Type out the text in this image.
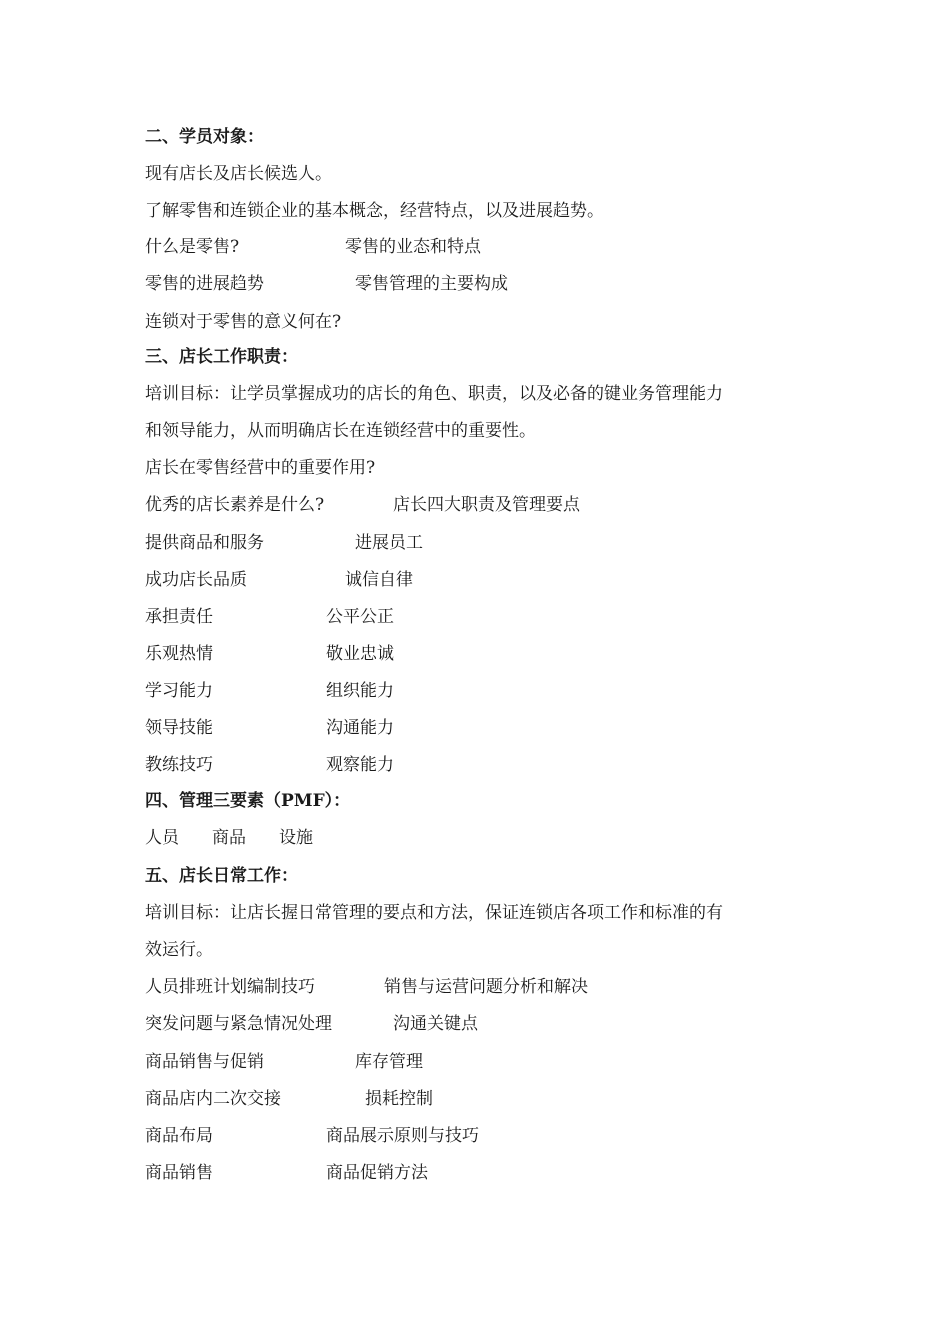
二、学员对象：
现有店长及店长候选人。
了解零售和连锁企业的基本概念，经营特点，以及进展趋势。
什么是零售?	零售的业态和特点
零售的进展趋势	零售管理的主要构成
连锁对于零售的意义何在?
三、店长工作职责：
培训目标：让学员掌握成功的店长的角色、职责，以及必备的键业务管理能力
和领导能力，从而明确店长在连锁经营中的重要性。
店长在零售经营中的重要作用?
优秀的店长素养是什么?	店长四大职责及管理要点
提供商品和服务	进展员工
成功店长品质	诚信自律
承担责任	公平公正
乐观热情	敬业忠诚
学习能力	组织能力
领导技能	沟通能力
教练技巧	观察能力
四、管理三要素（PMF）：
人员 商品 设施
五、店长日常工作：
培训目标：让店长握日常管理的要点和方法，保证连锁店各项工作和标准的有
效运行。
人员排班计划编制技巧	销售与运营问题分析和解决
突发问题与紧急情况处理	沟通关键点
商品销售与促销	库存管理
商品店内二次交接	损耗控制
商品布局	商品展示原则与技巧
商品销售	商品促销方法
